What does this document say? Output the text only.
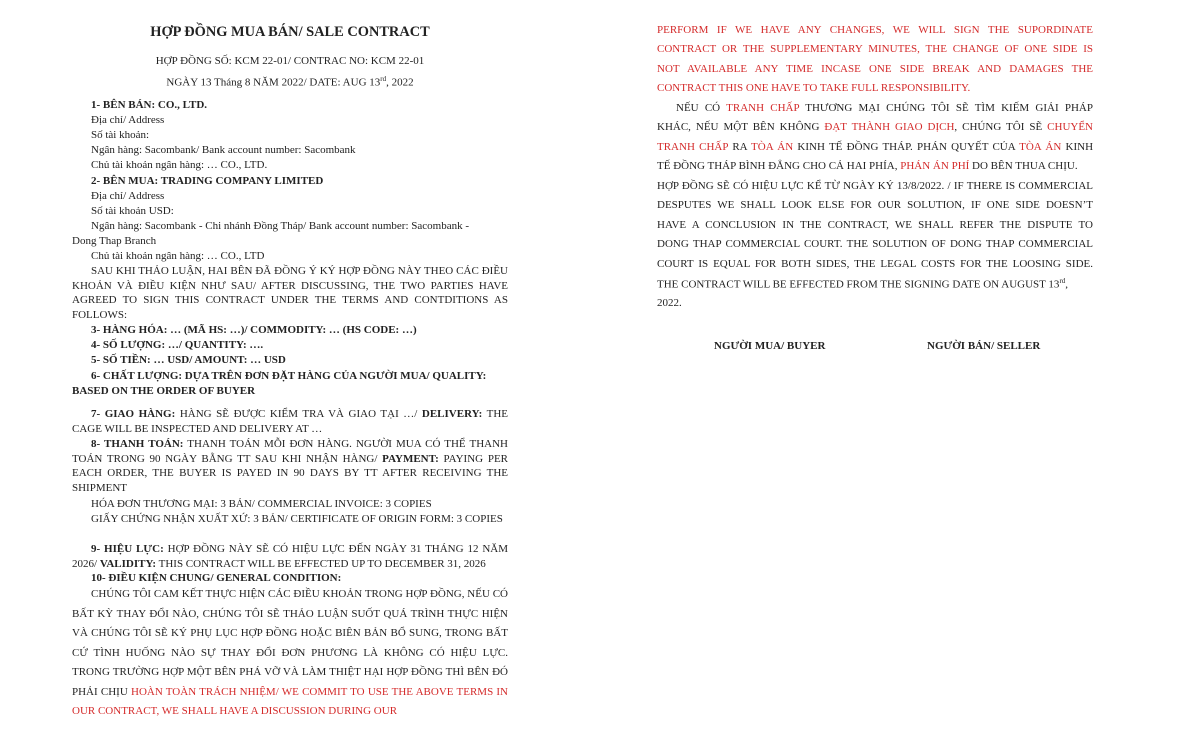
HỢP ĐỒNG MUA BÁN/ SALE CONTRACT
HỢP ĐỒNG SỐ: KCM 22-01/ CONTRAC NO: KCM 22-01
NGÀY 13 Tháng 8 NĂM 2022/ DATE: AUG 13rd, 2022
1- BÊN BÁN: CO., LTD.
Địa chỉ/ Address
Số tài khoản:
Ngân hàng: Sacombank/ Bank account number: Sacombank
Chủ tài khoản ngân hàng: … CO., LTD.
2- BÊN MUA: TRADING COMPANY LIMITED
Địa chỉ/ Address
Số tài khoản USD:
Ngân hàng: Sacombank - Chi nhánh Đồng Tháp/ Bank account number: Sacombank -
Dong Thap Branch
Chủ tài khoản ngân hàng: … CO., LTD
SAU KHI THẢO LUẬN, HAI BÊN ĐÃ ĐỒNG Ý KÝ HỢP ĐỒNG NÀY THEO CÁC ĐIỀU KHOẢN VÀ ĐIỀU KIỆN NHƯ SAU/ AFTER DISCUSSING, THE TWO PARTIES HAVE AGREED TO SIGN THIS CONTRACT UNDER THE TERMS AND CONTDITIONS AS FOLLOWS:
3- HÀNG HÓA: … (MÃ HS: …)/ COMMODITY: … (HS CODE: …)
4- SỐ LƯỢNG: …/ QUANTITY: ….
5- SỐ TIỀN: … USD/ AMOUNT: … USD
6- CHẤT LƯỢNG: DỰA TRÊN ĐƠN ĐẶT HÀNG CỦA NGƯỜI MUA/ QUALITY: BASED ON THE ORDER OF BUYER
7- GIAO HÀNG: HÀNG SẼ ĐƯỢC KIỂM TRA VÀ GIAO TẠI …/ DELIVERY: THE CAGE WILL BE INSPECTED AND DELIVERY AT …
8- THANH TOÁN: THANH TOÁN MỖI ĐƠN HÀNG. NGƯỜI MUA CÓ THỂ THANH TOÁN TRONG 90 NGÀY BẰNG TT SAU KHI NHẬN HÀNG/ PAYMENT: PAYING PER EACH ORDER, THE BUYER IS PAYED IN 90 DAYS BY TT AFTER RECEIVING THE SHIPMENT
HÓA ĐƠN THƯƠNG MẠI: 3 BẢN/ COMMERCIAL INVOICE: 3 COPIES
GIẤY CHỨNG NHẬN XUẤT XỨ: 3 BẢN/ CERTIFICATE OF ORIGIN FORM: 3 COPIES
9- HIỆU LỰC: HỢP ĐỒNG NÀY SẼ CÓ HIỆU LỰC ĐẾN NGÀY 31 THÁNG 12 NĂM 2026/ VALIDITY: THIS CONTRACT WILL BE EFFECTED UP TO DECEMBER 31, 2026
10- ĐIỀU KIỆN CHUNG/ GENERAL CONDITION:
CHÚNG TÔI CAM KẾT THỰC HIỆN CÁC ĐIỀU KHOẢN TRONG HỢP ĐỒNG, NẾU CÓ BẤT KỲ THAY ĐỔI NÀO, CHÚNG TÔI SẼ THẢO LUẬN SUỐT QUÁ TRÌNH THỰC HIỆN VÀ CHÚNG TÔI SẼ KÝ PHỤ LỤC HỢP ĐỒNG HOẶC BIÊN BẢN BỔ SUNG, TRONG BẤT CỨ TÌNH HUỐNG NÀO SỰ THAY ĐỔI ĐƠN PHƯƠNG LÀ KHÔNG CÓ HIỆU LỰC. TRONG TRƯỜNG HỢP MỘT BÊN PHÁ VỠ VÀ LÀM THIỆT HẠI HỢP ĐỒNG THÌ BÊN ĐÓ PHẢI CHỊU HOÀN TOÀN TRÁCH NHIỆM/ WE COMMIT TO USE THE ABOVE TERMS IN OUR CONTRACT, WE SHALL HAVE A DISCUSSION DURING OUR
PERFORM IF WE HAVE ANY CHANGES, WE WILL SIGN THE SUPORDINATE
CONTRACT OR THE SUPPLEMENTARY MINUTES, THE CHANGE OF ONE SIDE IS
NOT AVAILABLE ANY TIME INCASE ONE SIDE BREAK AND DAMAGES THE
CONTRACT THIS ONE HAVE TO TAKE FULL RESPONSIBILITY.
NẾU CÓ TRANH CHẤP THƯƠNG MẠI CHÚNG TÔI SẼ TÌM KIẾM GIẢI PHÁP
KHÁC, NẾU MỘT BÊN KHÔNG ĐẠT THÀNH GIAO DỊCH, CHÚNG TÔI SẼ CHUYỂN
TRANH CHẤP RA TÒA ÁN KINH TẾ ĐỒNG THÁP. PHÁN QUYẾT CỦA TÒA ÁN KINH
TẾ ĐỒNG THÁP BÌNH ĐẲNG CHO CẢ HAI PHÍA, PHÁN ÁN PHÍ DO BÊN THUA CHỊU.
HỢP ĐỒNG SẼ CÓ HIỆU LỰC KỂ TỪ NGÀY KÝ 13/8/2022. / IF THERE IS COMMERCIAL
DESPUTES WE SHALL LOOK ELSE FOR OUR SOLUTION, IF ONE SIDE DOESN’T
HAVE A CONCLUSION IN THE CONTRACT, WE SHALL REFER THE DISPUTE TO
DONG THAP COMMERCIAL COURT. THE SOLUTION OF DONG THAP COMMERCIAL
COURT IS EQUAL FOR BOTH SIDES, THE LEGAL COSTS FOR THE LOOSING SIDE.
THE CONTRACT WILL BE EFFECTED FROM THE SIGNING DATE ON AUGUST 13rd,
2022.
NGƯỜI MUA/ BUYER	NGƯỜI BÁN/ SELLER
